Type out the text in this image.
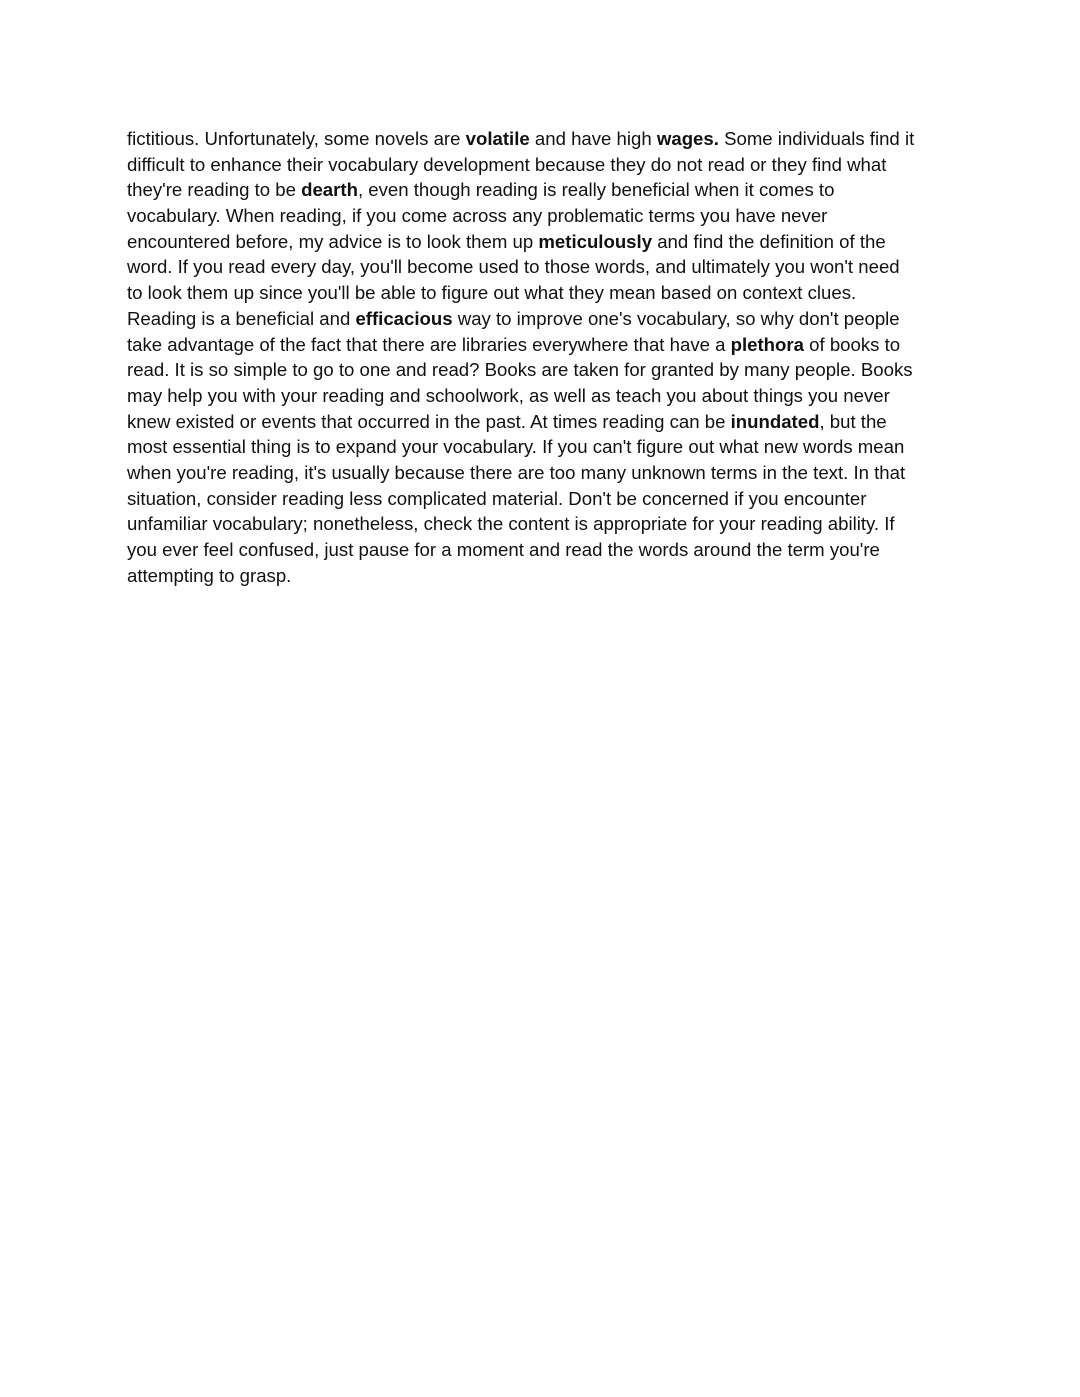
fictitious. Unfortunately, some novels are volatile and have high wages. Some individuals find it
difficult to enhance their vocabulary development because they do not read or they find what
they're reading to be dearth, even though reading is really beneficial when it comes to
vocabulary. When reading, if you come across any problematic terms you have never
encountered before, my advice is to look them up meticulously and find the definition of the
word. If you read every day, you'll become used to those words, and ultimately you won't need
to look them up since you'll be able to figure out what they mean based on context clues.
Reading is a beneficial and efficacious way to improve one's vocabulary, so why don't people
take advantage of the fact that there are libraries everywhere that have a plethora of books to
read. It is so simple to go to one and read? Books are taken for granted by many people. Books
may help you with your reading and schoolwork, as well as teach you about things you never
knew existed or events that occurred in the past. At times reading can be inundated, but the
most essential thing is to expand your vocabulary. If you can't figure out what new words mean
when you're reading, it's usually because there are too many unknown terms in the text. In that
situation, consider reading less complicated material. Don't be concerned if you encounter
unfamiliar vocabulary; nonetheless, check the content is appropriate for your reading ability. If
you ever feel confused, just pause for a moment and read the words around the term you're
attempting to grasp.
